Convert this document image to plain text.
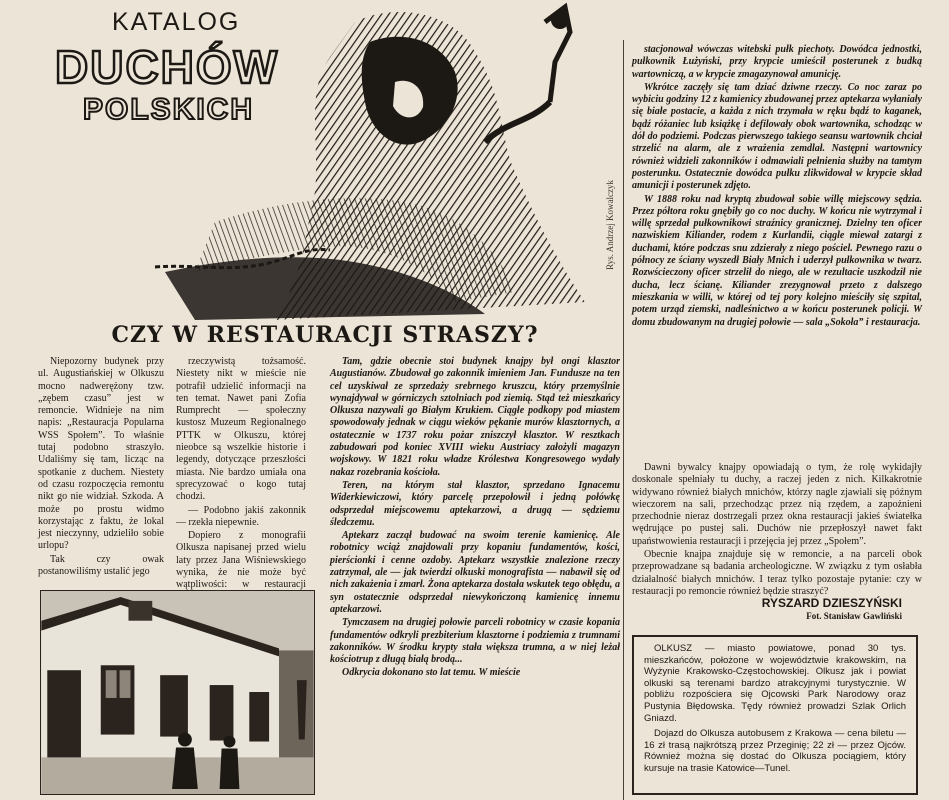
KATALOG
DUCHÓW
POLSKICH
Rys. Andrzej Kowalczyk
CZY W RESTAURACJI STRASZY?

Niepozorny budynek przy ul. Augustiańskiej w Olkuszu mocno nadwerężony tzw. „zębem czasu” jest w remoncie. Widnieje na nim napis: „Restauracja Popularna WSS Społem”. To właśnie tutaj podobno straszyło. Udaliśmy się tam, licząc na spotkanie z duchem. Niestety od czasu rozpoczęcia remontu nikt go nie widział. Szkoda. A może po prostu widmo korzystając z faktu, że lokal jest nieczynny, udzieliło sobie urlopu?

Tak czy owak postanowiliśmy ustalić jego

rzeczywistą tożsamość. Niestety nikt w mieście nie potrafił udzielić informacji na ten temat. Nawet pani Zofia Rumprecht — społeczny kustosz Muzeum Regionalnego PTTK w Olkuszu, której nieobce są wszelkie historie i legendy, dotyczące przeszłości miasta. Nie bardzo umiała ona sprecyzować o kogo tutaj chodzi.

— Podobno jakiś zakonnik — rzekła niepewnie.

Dopiero z monografii Olkusza napisanej przed wielu laty przez Jana Wiśniewskiego wynika, że nie może być wątpliwości: w restauracji

Tam, gdzie obecnie stoi budynek knajpy był ongi klasztor Augustianów. Zbudował go zakonnik imieniem Jan. Fundusze na ten cel uzyskiwał ze sprzedaży srebrnego kruszcu, który przemyślnie wynajdywał w górniczych sztolniach pod ziemią. Stąd też mieszkańcy Olkusza nazywali go Białym Krukiem. Ciągłe podkopy pod miastem spowodowały jednak w ciągu wieków pękanie murów klasztornych, a ostatecznie w 1737 roku pożar zniszczył klasztor. W resztkach zabudowań pod koniec XVIII wieku Austriacy założyli magazyn wojskowy. W 1821 roku władze Królestwa Kongresowego wydały nakaz rozebrania kościoła.

Teren, na którym stał klasztor, sprzedano Ignacemu Widerkiewiczowi, który parcelę przepołowił i jedną połówkę odsprzedał miejscowemu aptekarzowi, a drugą — sędziemu śledczemu.

Aptekarz zaczął budować na swoim terenie kamienicę. Ale robotnicy wciąż znajdowali przy kopaniu fundamentów, kości, pierścionki i cenne ozdoby. Aptekarz wszystkie znalezione rzeczy zatrzymał, ale — jak twierdzi olkuski monografista — nabawił się od nich zakażenia i zmarł. Żona aptekarza dostała wskutek tego obłędu, a syn ostatecznie odsprzedał niewykończoną kamienicę innemu aptekarzowi.

Tymczasem na drugiej połowie parceli robotnicy w czasie kopania fundamentów odkryli prezbiterium klasztorne i podziemia z trumnami zakonników. W środku krypty stała większa trumna, a w niej leżał kościotrup z długą białą brodą...

Odkrycia dokonano sto lat temu. W mieście

stacjonował wówczas witebski pułk piechoty. Dowódca jednostki, pułkownik Łużyński, przy krypcie umieścił posterunek z budką wartowniczą, a w krypcie zmagazynował amunicję.

Wkrótce zaczęły się tam dziać dziwne rzeczy. Co noc zaraz po wybiciu godziny 12 z kamienicy zbudowanej przez aptekarza wyłaniały się białe postacie, a każda z nich trzymała w ręku bądź to kaganek, bądź różaniec lub książkę i defilowały obok wartownika, schodząc w dół do podziemi. Podczas pierwszego takiego seansu wartownik chciał strzelić na alarm, ale z wrażenia zemdlał. Następni wartownicy również widzieli zakonników i odmawiali pełnienia służby na tamtym posterunku. Ostatecznie dowódca pułku zlikwidował w krypcie skład amunicji i posterunek zdjęto.

W 1888 roku nad kryptą zbudował sobie willę miejscowy sędzia. Przez półtora roku gnębiły go co noc duchy. W końcu nie wytrzymał i willę sprzedał pułkownikowi straźnicy granicznej. Dzielny ten oficer nazwiskiem Kiliander, rodem z Kurlandii, ciągle miewał zatargi z duchami, które podczas snu zdzierały z niego pościel. Pewnego razu o północy ze ściany wyszedł Biały Mnich i uderzył pułkownika w twarz. Rozwścieczony oficer strzelił do niego, ale w rezultacie uszkodził nie ducha, lecz ścianę. Kiliander zrezygnował przeto z dalszego mieszkania w willi, w której od tej pory kolejno mieściły się szpital, potem urząd ziemski, nadleśnictwo a w końcu posterunek policji. W domu zbudowanym na drugiej połowie — sala „Sokoła” i restauracja.

Dawni bywalcy knajpy opowiadają o tym, że rolę wykidajły doskonale spełniały tu duchy, a raczej jeden z nich. Kilkakrotnie widywano również białych mnichów, którzy nagle zjawiali się późnym wieczorem na sali, przechodząc przez nią rzędem, a zapożnieni przechodnie nieraz dostrzegali przez okna restauracji jakieś światełka wędrujące po pustej sali. Duchów nie przepłoszył nawet fakt upaństwowienia restauracji i przejęcia jej przez „Społem”.

Obecnie knajpa znajduje się w remoncie, a na parceli obok przeprowadzane są badania archeologiczne. W związku z tym osłabła działalność białych mnichów. I teraz tylko pozostaje pytanie: czy w restauracji po remoncie również będzie straszyć?

RYSZARD DZIESZYŃSKI
Fot. Stanisław Gawliński

OLKUSZ — miasto powiatowe, ponad 30 tys. mieszkańców, położone w województwie krakowskim, na Wyżynie Krakowsko-Częstochowskiej. Olkusz jak i powiat olkuski są terenami bardzo atrakcyjnymi turystycznie. W pobliżu rozpościera się Ojcowski Park Narodowy oraz Pustynia Błędowska. Tędy również prowadzi Szlak Orlich Gniazd.

Dojazd do Olkusza autobusem z Krakowa — cena biletu — 16 zł trasą najkrótszą przez Przeginię; 22 zł — przez Ojców. Również można się dostać do Olkusza pociągiem, który kursuje na trasie Katowice—Tunel.
